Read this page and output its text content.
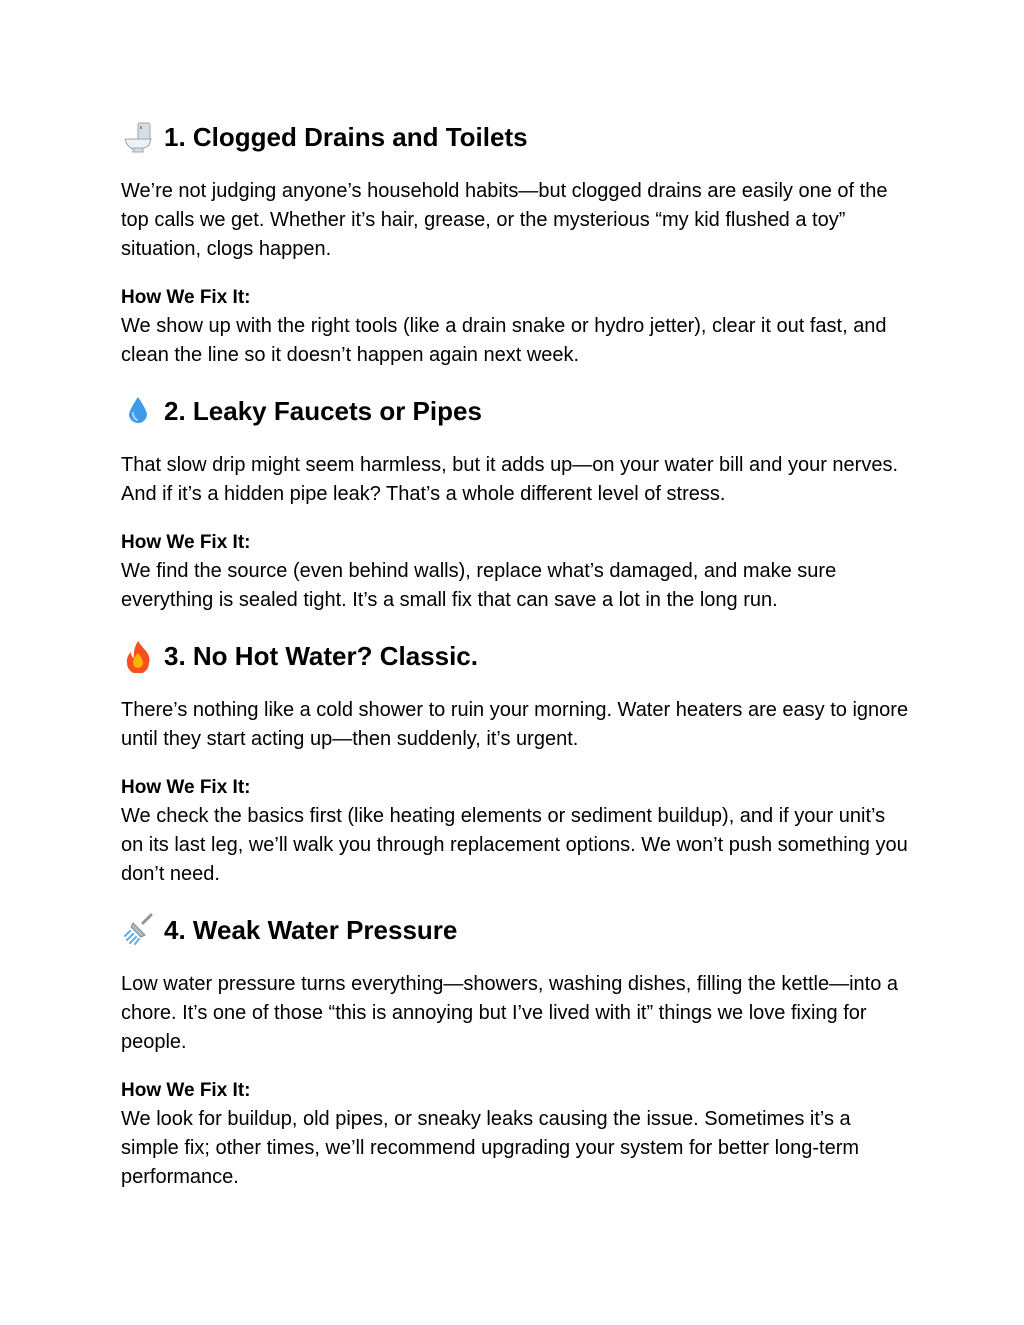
1. Clogged Drains and Toilets

We’re not judging anyone’s household habits—but clogged drains are easily one of the top calls we get. Whether it’s hair, grease, or the mysterious “my kid flushed a toy” situation, clogs happen.

How We Fix It:
We show up with the right tools (like a drain snake or hydro jetter), clear it out fast, and clean the line so it doesn’t happen again next week.

2. Leaky Faucets or Pipes

That slow drip might seem harmless, but it adds up—on your water bill and your nerves. And if it’s a hidden pipe leak? That’s a whole different level of stress.

How We Fix It:
We find the source (even behind walls), replace what’s damaged, and make sure everything is sealed tight. It’s a small fix that can save a lot in the long run.

3. No Hot Water? Classic.

There’s nothing like a cold shower to ruin your morning. Water heaters are easy to ignore until they start acting up—then suddenly, it’s urgent.

How We Fix It:
We check the basics first (like heating elements or sediment buildup), and if your unit’s on its last leg, we’ll walk you through replacement options. We won’t push something you don’t need.

4. Weak Water Pressure

Low water pressure turns everything—showers, washing dishes, filling the kettle—into a chore. It’s one of those “this is annoying but I’ve lived with it” things we love fixing for people.

How We Fix It:
We look for buildup, old pipes, or sneaky leaks causing the issue. Sometimes it’s a simple fix; other times, we’ll recommend upgrading your system for better long-term performance.
